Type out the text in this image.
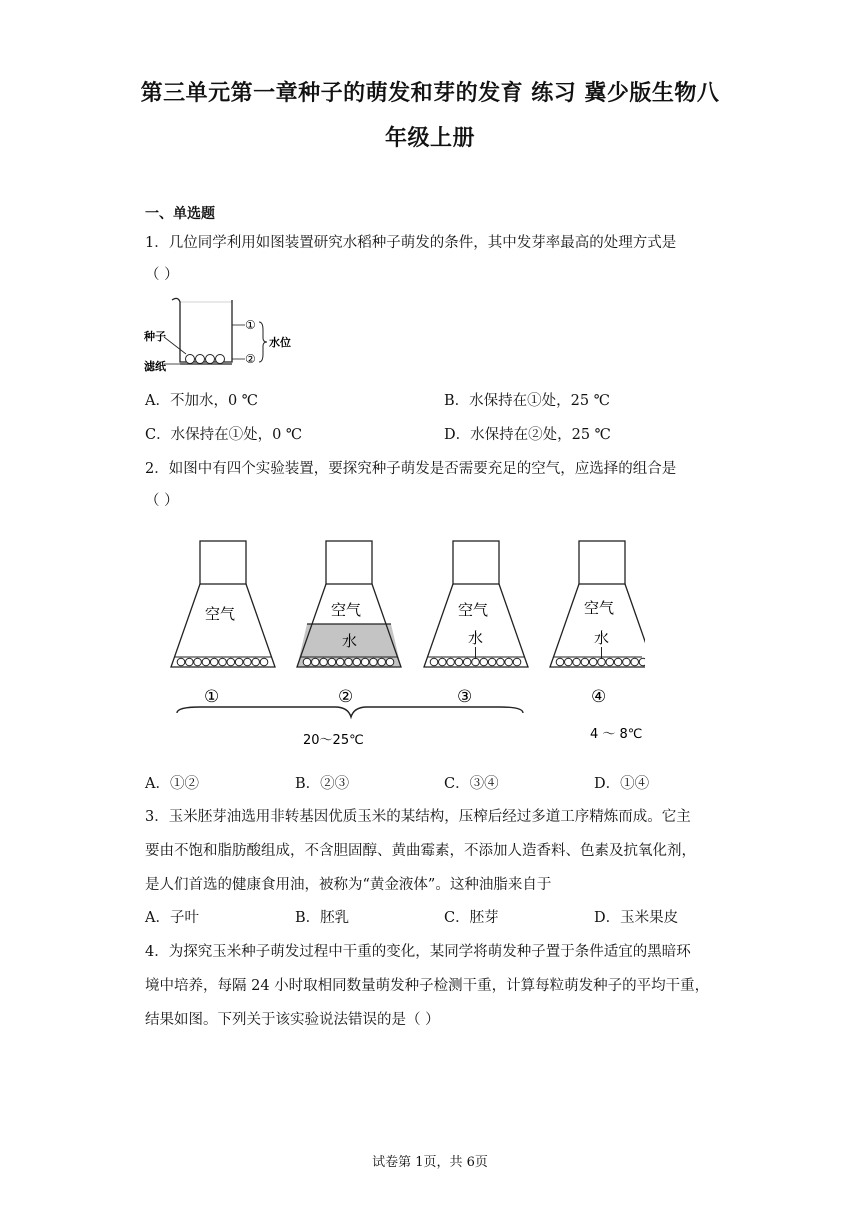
第三单元第一章种子的萌发和芽的发育 练习 冀少版生物八
年级上册
一、单选题
1．几位同学利用如图装置研究水稻种子萌发的条件，其中发芽率最高的处理方式是
（ ）
种子
滤纸
①
②
水位
A．不加水，0 ℃	B．水保持在①处，25 ℃
C．水保持在①处，0 ℃	D．水保持在②处，25 ℃
2．如图中有四个实验装置，要探究种子萌发是否需要充足的空气，应选择的组合是
（ ）
空气	空气
水
空气
水
空气
水
①	②	③	④
20～25℃	4 ～ 8℃
A．①②	B．②③	C．③④	D．①④
3．玉米胚芽油选用非转基因优质玉米的某结构，压榨后经过多道工序精炼而成。它主
要由不饱和脂肪酸组成，不含胆固醇、黄曲霉素，不添加人造香料、色素及抗氧化剂，
是人们首选的健康食用油，被称为“黄金液体”。这种油脂来自于
A．子叶	B．胚乳	C．胚芽	D．玉米果皮
4．为探究玉米种子萌发过程中干重的变化，某同学将萌发种子置于条件适宜的黑暗环
境中培养，每隔 24 小时取相同数量萌发种子检测干重，计算每粒萌发种子的平均干重，
结果如图。下列关于该实验说法错误的是（ ）
试卷第 1页，共 6页
